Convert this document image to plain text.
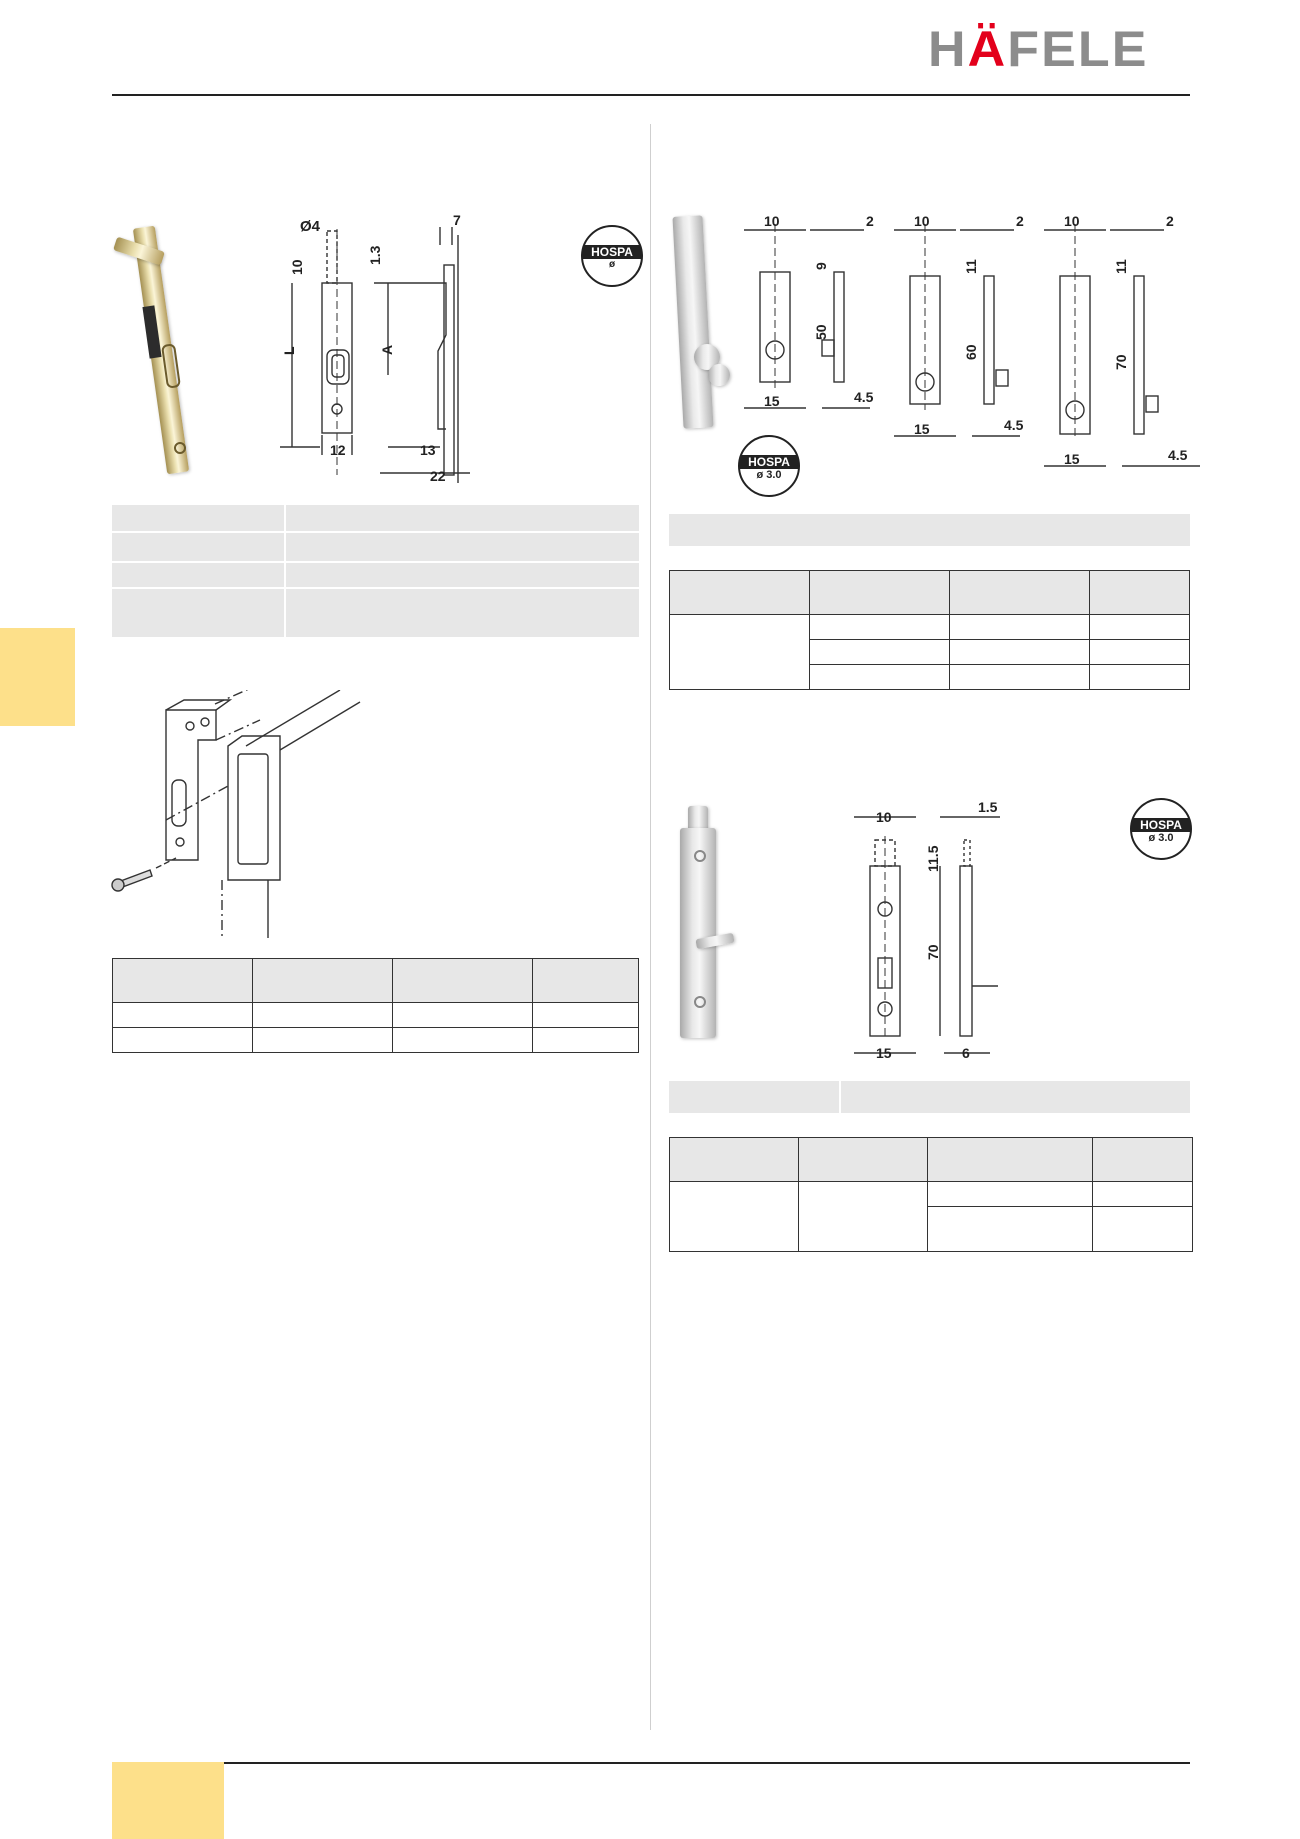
HÄFELE
Ø4
10
L
12
1.3
A
7
13
22
HOSPA
ø

10	2
9
50
15	4.5
10	2
11
60
15	4.5
10	2
11
70
15	4.5
HOSPA
ø 3.0

10
1.5
11.5
70
15	6
HOSPA
ø 3.0
